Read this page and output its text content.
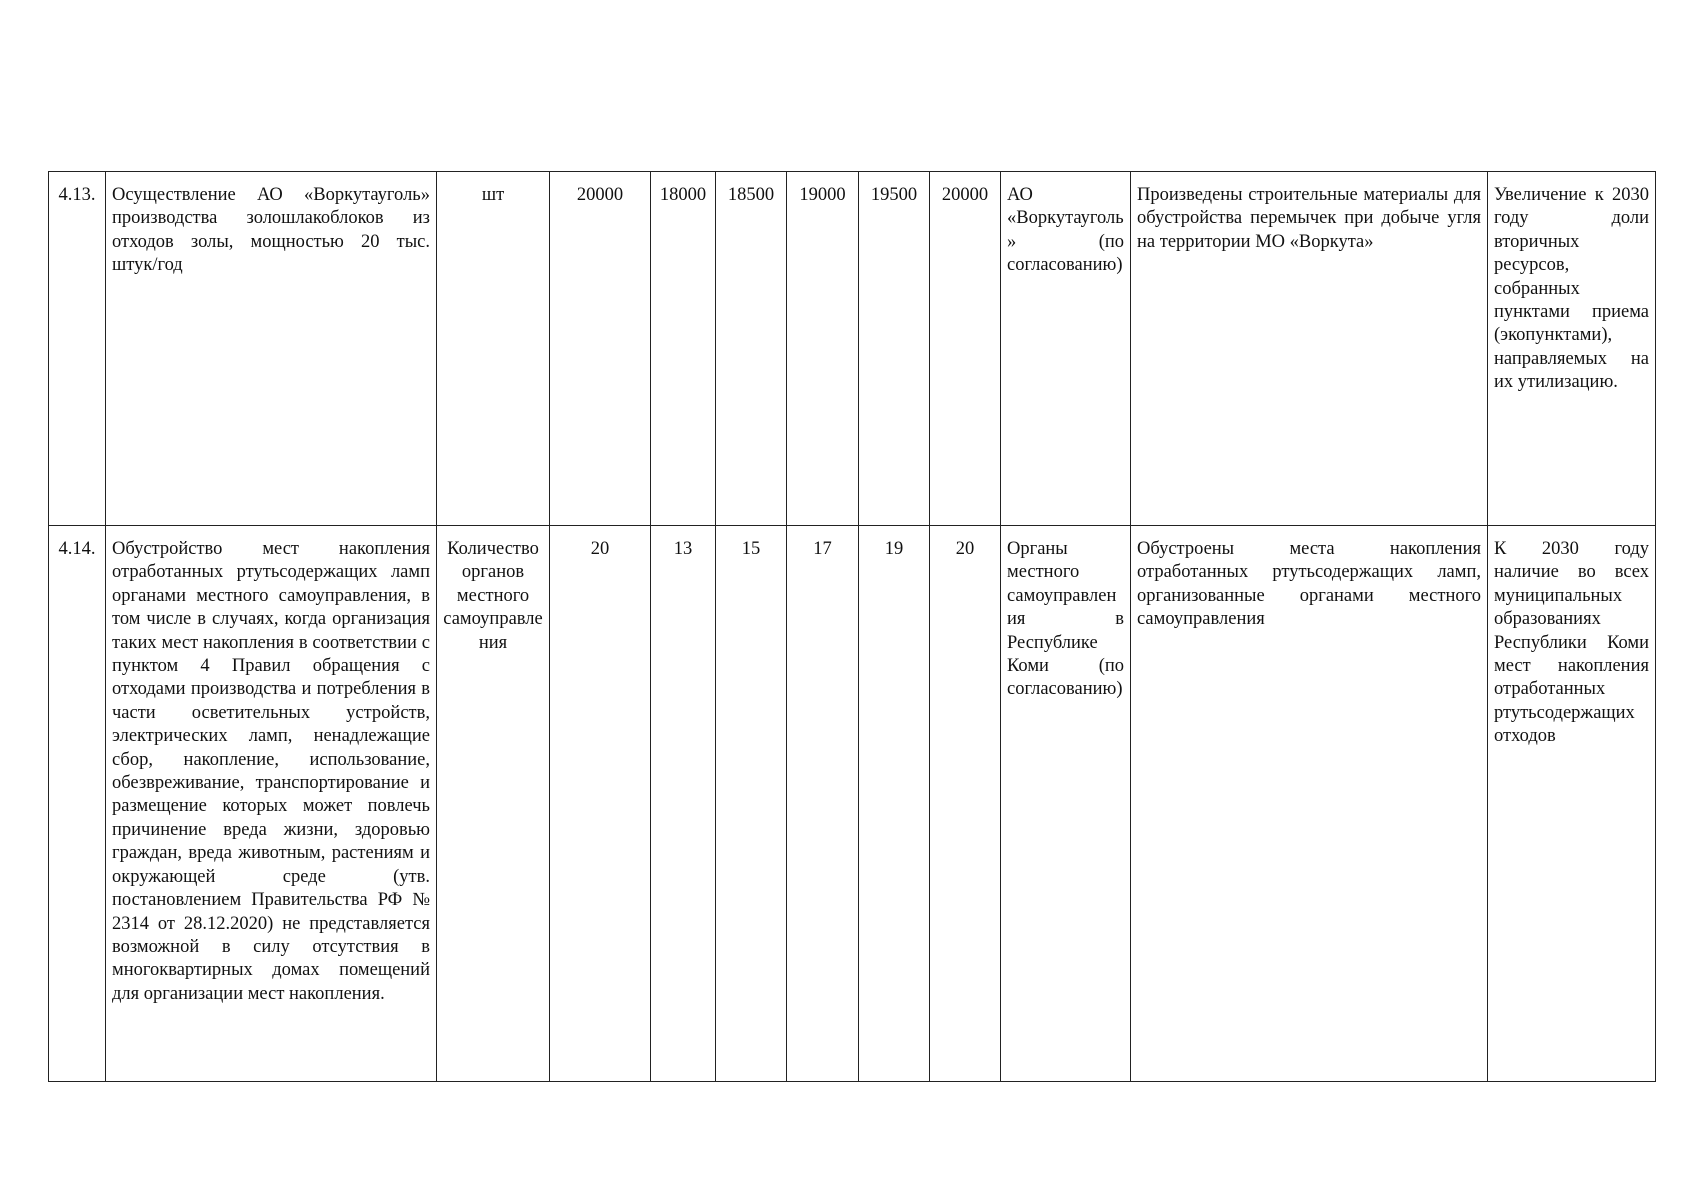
4.13.	Осуществление АО «Воркутауголь» производства золошлакоблоков из отходов золы, мощностью 20 тыс. штук/год	шт	20000	18000	18500	19000	19500	20000	АО «Воркутауголь» (по согласованию)	Произведены строительные материалы для обустройства перемычек при добыче угля на территории МО «Воркута»	Увеличение к 2030 году доли вторичных ресурсов, собранных пунктами приема (экопунктами), направляемых на их утилизацию.
4.14.	Обустройство мест накопления отработанных ртутьсодержащих ламп органами местного самоуправления, в том числе в случаях, когда организация таких мест накопления в соответствии с пунктом 4 Правил обращения с отходами производства и потребления в части осветительных устройств, электрических ламп, ненадлежащие сбор, накопление, использование, обезвреживание, транспортирование и размещение которых может повлечь причинение вреда жизни, здоровью граждан, вреда животным, растениям и окружающей среде (утв. постановлением Правительства РФ № 2314 от 28.12.2020) не представляется возможной в силу отсутствия в многоквартирных домах помещений для организации мест накопления.	Количество органов местного самоуправления	20	13	15	17	19	20	Органы местного самоуправления в Республике Коми (по согласованию)	Обустроены места накопления отработанных ртутьсодержащих ламп, организованные органами местного самоуправления	К 2030 году наличие во всех муниципальных образованиях Республики Коми мест накопления отработанных ртутьсодержащих отходов
